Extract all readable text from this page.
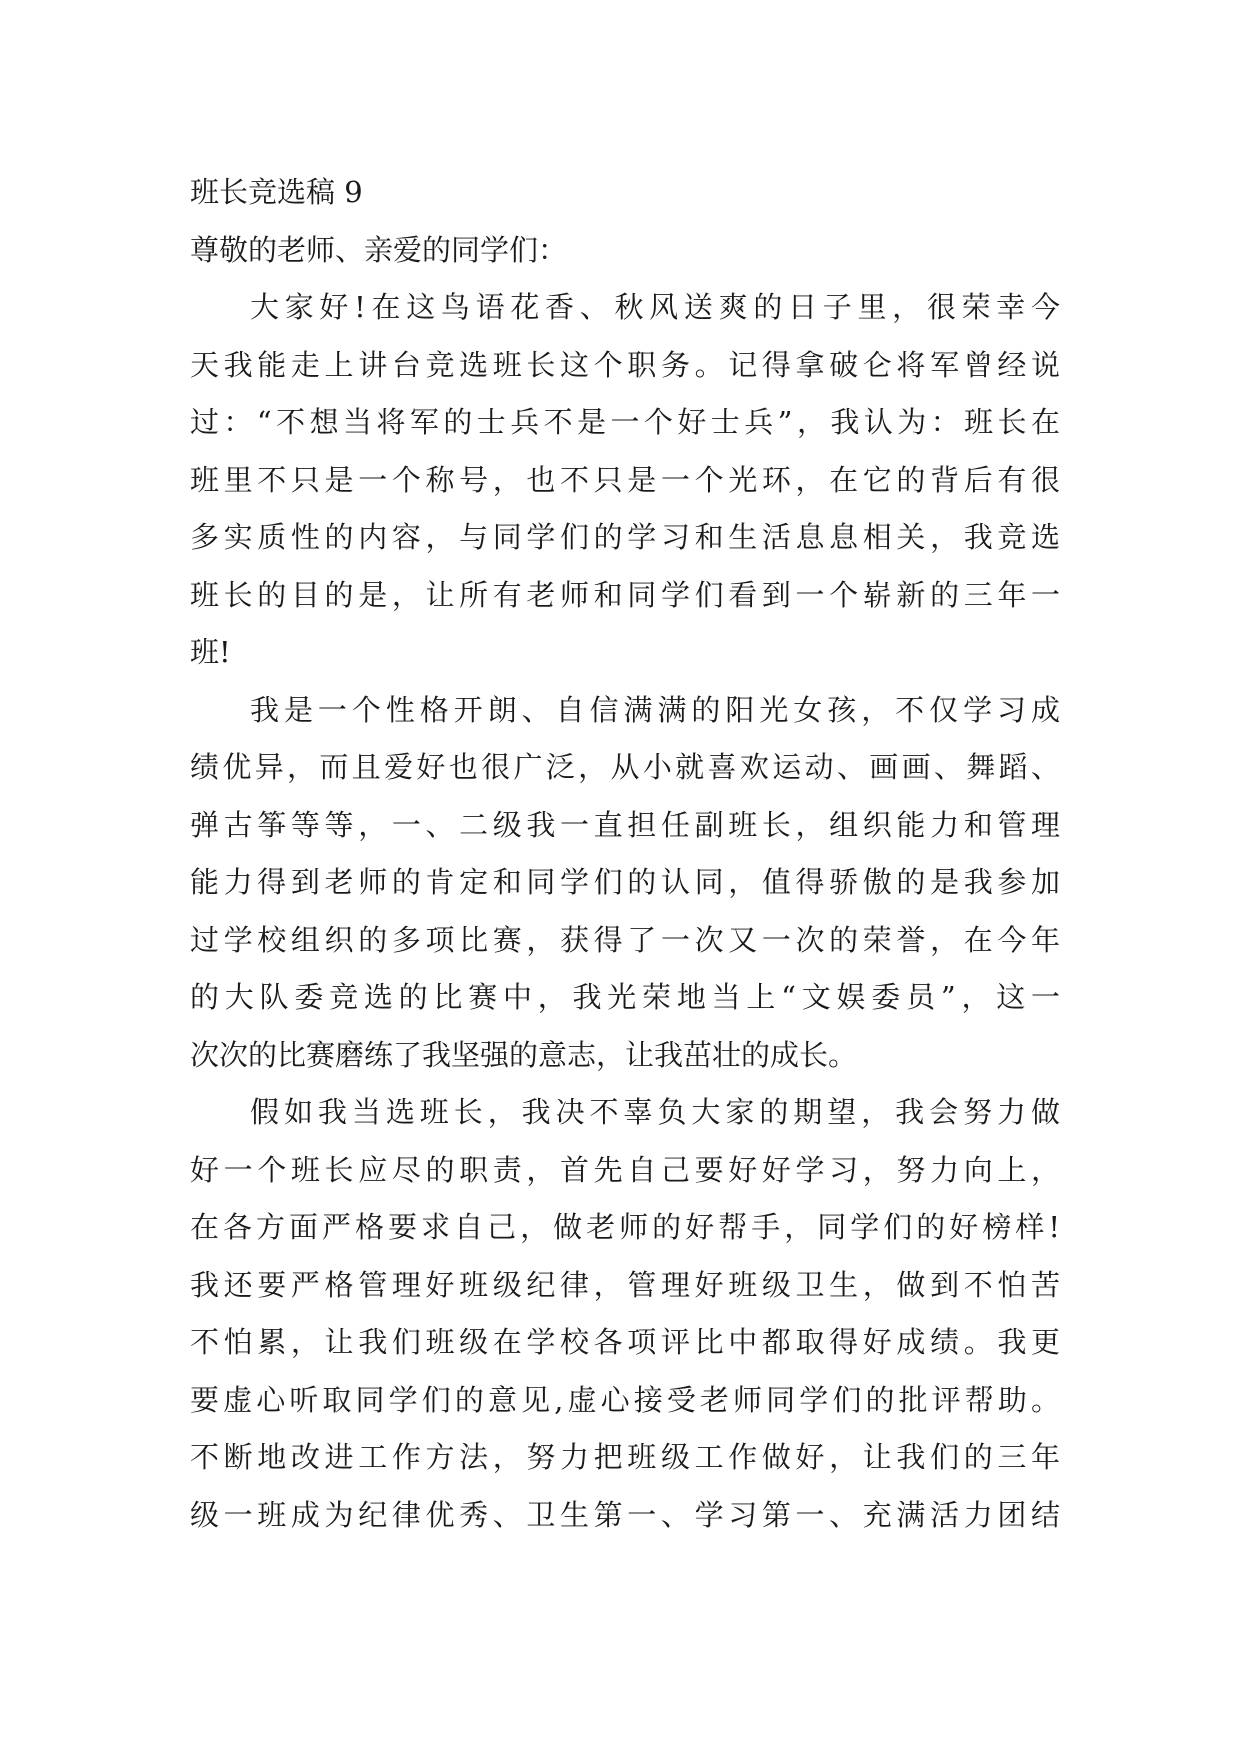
班长竞选稿 9
尊敬的老师、亲爱的同学们：
大家好!在这鸟语花香、秋风送爽的日子里，很荣幸今
天我能走上讲台竞选班长这个职务。记得拿破仑将军曾经说
过：“不想当将军的士兵不是一个好士兵”，我认为：班长在
班里不只是一个称号，也不只是一个光环，在它的背后有很
多实质性的内容，与同学们的学习和生活息息相关，我竞选
班长的目的是，让所有老师和同学们看到一个崭新的三年一
班!
我是一个性格开朗、自信满满的阳光女孩，不仅学习成
绩优异，而且爱好也很广泛，从小就喜欢运动、画画、舞蹈、
弹古筝等等，一、二级我一直担任副班长，组织能力和管理
能力得到老师的肯定和同学们的认同，值得骄傲的是我参加
过学校组织的多项比赛，获得了一次又一次的荣誉，在今年
的大队委竞选的比赛中，我光荣地当上“文娱委员”，这一
次次的比赛磨练了我坚强的意志，让我茁壮的成长。
假如我当选班长，我决不辜负大家的期望，我会努力做
好一个班长应尽的职责，首先自己要好好学习，努力向上，
在各方面严格要求自己，做老师的好帮手，同学们的好榜样!
我还要严格管理好班级纪律，管理好班级卫生，做到不怕苦
不怕累，让我们班级在学校各项评比中都取得好成绩。我更
要虚心听取同学们的意见,虚心接受老师同学们的批评帮助。
不断地改进工作方法，努力把班级工作做好，让我们的三年
级一班成为纪律优秀、卫生第一、学习第一、充满活力团结
